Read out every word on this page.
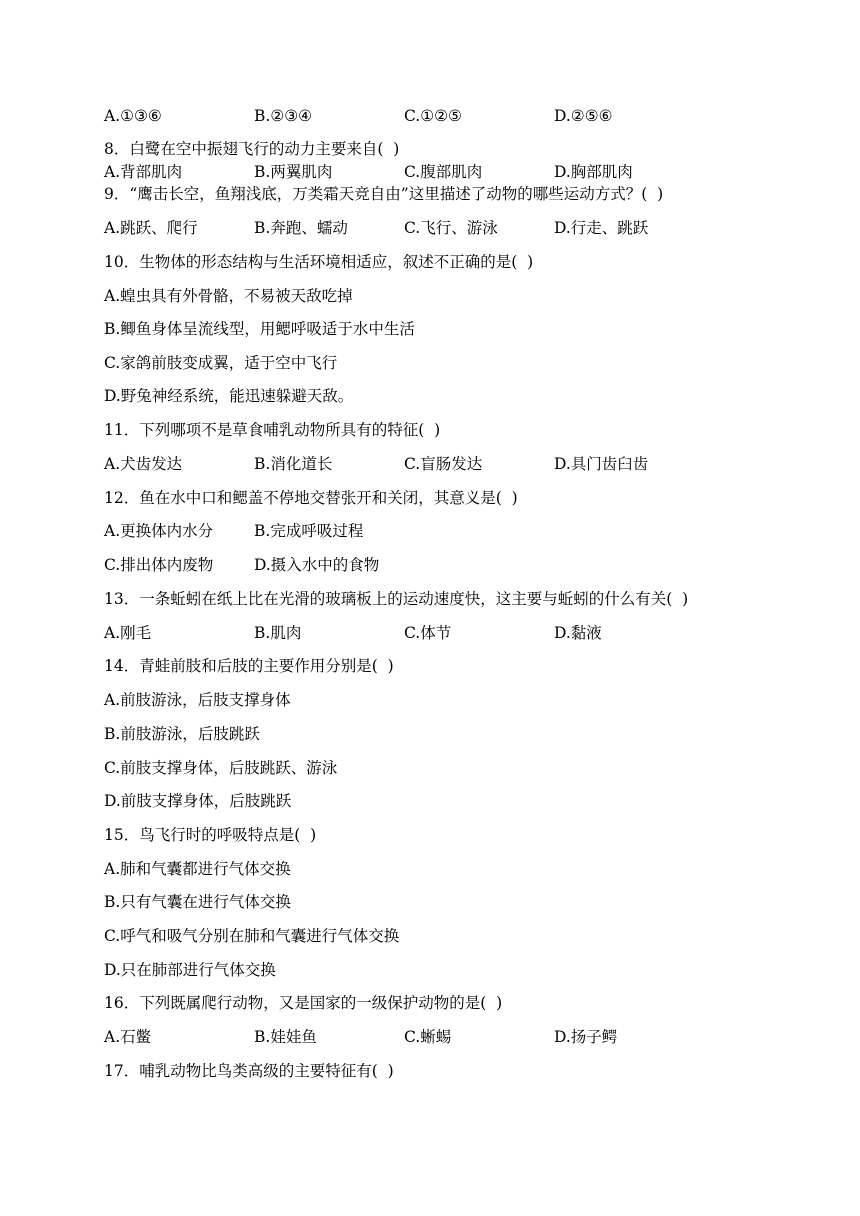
A.①③⑥	B.②③④	C.①②⑤	D.②⑤⑥
8．白鹭在空中振翅飞行的动力主要来自(  )
A.背部肌肉	B.两翼肌肉	C.腹部肌肉	D.胸部肌肉
9．“鹰击长空，鱼翔浅底，万类霜天竞自由”这里描述了动物的哪些运动方式？(  )
A.跳跃、爬行	B.奔跑、蠕动	C.飞行、游泳	D.行走、跳跃
10．生物体的形态结构与生活环境相适应，叙述不正确的是(  )
A.蝗虫具有外骨骼，不易被天敌吃掉
B.鲫鱼身体呈流线型，用鳃呼吸适于水中生活
C.家鸽前肢变成翼，适于空中飞行
D.野兔神经系统，能迅速躲避天敌。
11．下列哪项不是草食哺乳动物所具有的特征(  )
A.犬齿发达	B.消化道长	C.盲肠发达	D.具门齿臼齿
12．鱼在水中口和鳃盖不停地交替张开和关闭，其意义是(  )
A.更换体内水分	B.完成呼吸过程
C.排出体内废物	D.摄入水中的食物
13．一条蚯蚓在纸上比在光滑的玻璃板上的运动速度快，这主要与蚯蚓的什么有关(  )
A.刚毛	B.肌肉	C.体节	D.黏液
14．青蛙前肢和后肢的主要作用分别是(  )
A.前肢游泳，后肢支撑身体
B.前肢游泳，后肢跳跃
C.前肢支撑身体，后肢跳跃、游泳
D.前肢支撑身体，后肢跳跃
15．鸟飞行时的呼吸特点是(  )
A.肺和气囊都进行气体交换
B.只有气囊在进行气体交换
C.呼气和吸气分别在肺和气囊进行气体交换
D.只在肺部进行气体交换
16．下列既属爬行动物，又是国家的一级保护动物的是(  )
A.石鳖	B.娃娃鱼	C.蜥蜴	D.扬子鳄
17．哺乳动物比鸟类高级的主要特征有(  )
